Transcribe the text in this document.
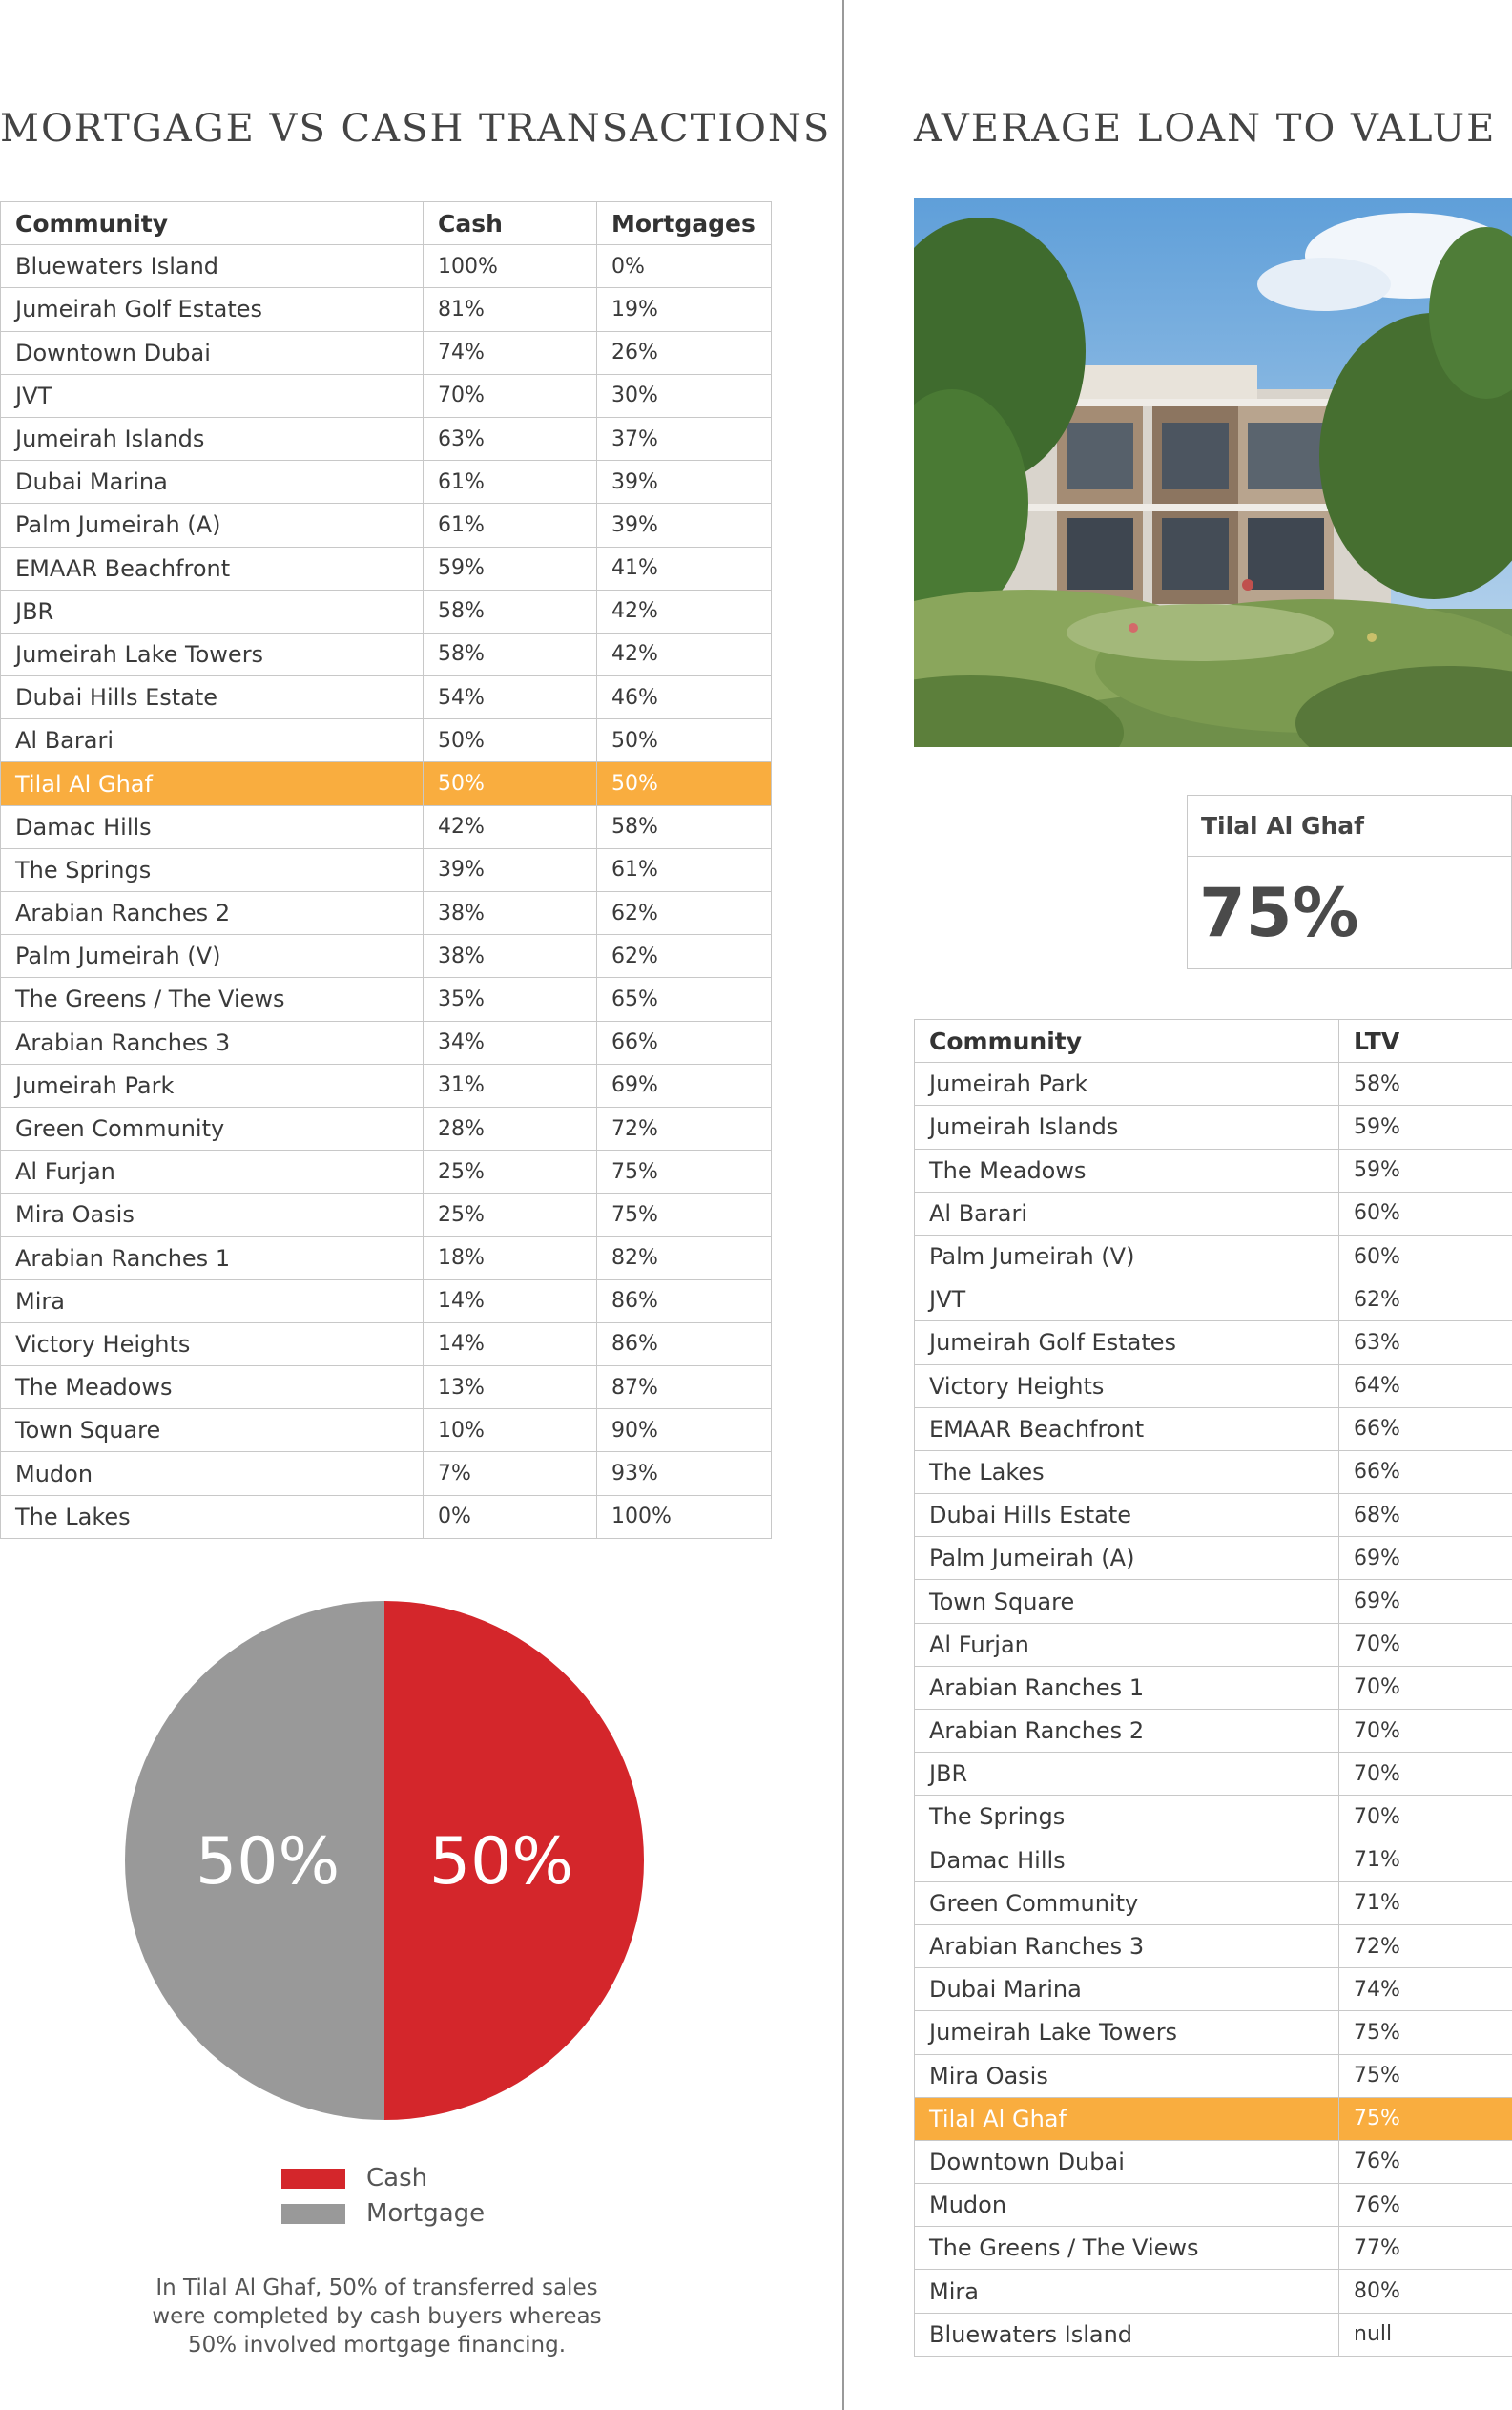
MORTGAGE VS CASH TRANSACTIONS AVERAGE LOAN TO VALUE
Community	Cash	Mortgages
Bluewaters Island	100%	0%
Jumeirah Golf Estates	81%	19%
Downtown Dubai	74%	26%
JVT	70%	30%
Jumeirah Islands	63%	37%
Dubai Marina	61%	39%
Palm Jumeirah (A)	61%	39%
EMAAR Beachfront	59%	41%
JBR	58%	42%
Jumeirah Lake Towers	58%	42%
Dubai Hills Estate	54%	46%
Al Barari	50%	50%
Tilal Al Ghaf	50%	50%
Damac Hills	42%	58%
The Springs	39%	61%
Arabian Ranches 2	38%	62%
Palm Jumeirah (V)	38%	62%
The Greens / The Views	35%	65%
Arabian Ranches 3	34%	66%
Jumeirah Park	31%	69%
Green Community	28%	72%
Al Furjan	25%	75%
Mira Oasis	25%	75%
Arabian Ranches 1	18%	82%
Mira	14%	86%
Victory Heights	14%	86%
The Meadows	13%	87%
Town Square	10%	90%
Mudon	7%	93%
The Lakes	0%	100%
50%
50%
Cash
Mortgage
In Tilal Al Ghaf, 50% of transferred sales
were completed by cash buyers whereas
50% involved mortgage financing.
Tilal Al Ghaf
75%
Community	LTV
Jumeirah Park	58%
Jumeirah Islands	59%
The Meadows	59%
Al Barari	60%
Palm Jumeirah (V)	60%
JVT	62%
Jumeirah Golf Estates	63%
Victory Heights	64%
EMAAR Beachfront	66%
The Lakes	66%
Dubai Hills Estate	68%
Palm Jumeirah (A)	69%
Town Square	69%
Al Furjan	70%
Arabian Ranches 1	70%
Arabian Ranches 2	70%
JBR	70%
The Springs	70%
Damac Hills	71%
Green Community	71%
Arabian Ranches 3	72%
Dubai Marina	74%
Jumeirah Lake Towers	75%
Mira Oasis	75%
Tilal Al Ghaf	75%
Downtown Dubai	76%
Mudon	76%
The Greens / The Views	77%
Mira	80%
Bluewaters Island	null
